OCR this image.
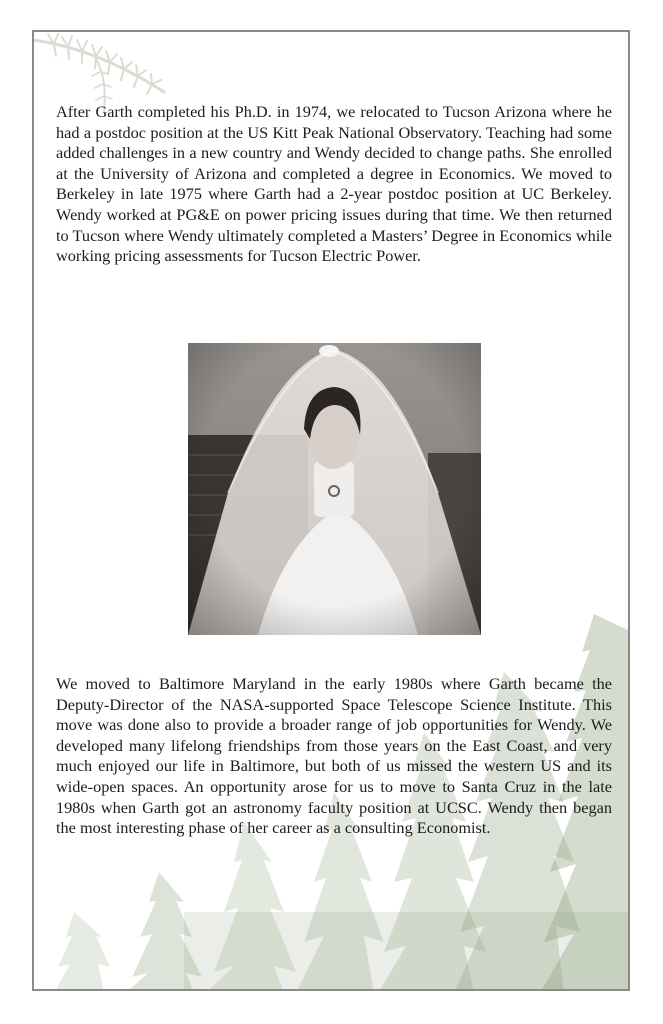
After Garth completed his Ph.D. in 1974, we relocated to Tucson Arizona where he had a postdoc position at the US Kitt Peak National Observatory. Teaching had some added challenges in a new country and Wendy decided to change paths. She enrolled at the University of Arizona and completed a degree in Economics. We moved to Berkeley in late 1975 where Garth had a 2-year postdoc position at UC Berkeley. Wendy worked at PG&E on power pricing issues during that time. We then returned to Tucson where Wendy ultimately completed a Masters’ Degree in Economics while working pricing assessments for Tucson Electric Power.

We moved to Baltimore Maryland in the early 1980s where Garth became the Deputy-Director of the NASA-supported Space Telescope Science Institute. This move was done also to provide a broader range of job opportunities for Wendy. We developed many lifelong friendships from those years on the East Coast, and very much enjoyed our life in Baltimore, but both of us missed the western US and its wide-open spaces. An opportunity arose for us to move to Santa Cruz in the late 1980s when Garth got an astronomy faculty position at UCSC. Wendy then began the most interesting phase of her career as a consulting Economist.
